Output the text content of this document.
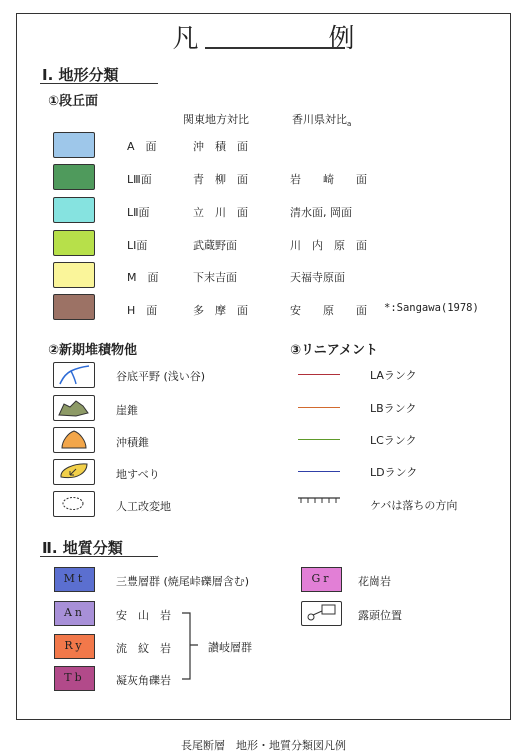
凡　例
Ⅰ. 地形分類
①段丘面
関東地方対比	香川県対比$_a$
A　面	沖　積　面
LⅢ面	青　柳　面	岩　　崎　　面
LⅡ面	立　川　面	清水面, 岡面
LⅠ面	武蔵野面	川　内　原　面
M　面	下末吉面	天福寺原面
H　面	多　摩　面	安　　原　　面 *:Sangawa(1978)
②新期堆積物他
谷底平野 (浅い谷)
崖錐
沖積錐
地すべり
人工改変地
③リニアメント
LAランク
LBランク
LCランク
LDランク
ケバは落ちの方向
Ⅱ. 地質分類
Mt	三豊層群 (焼尾峠礫層含む)
An	安　山　岩
Ry	流　紋　岩
Tb	凝灰角礫岩
讃岐層群
Gr	花崗岩
露頭位置
長尾断層　地形・地質分類図凡例
